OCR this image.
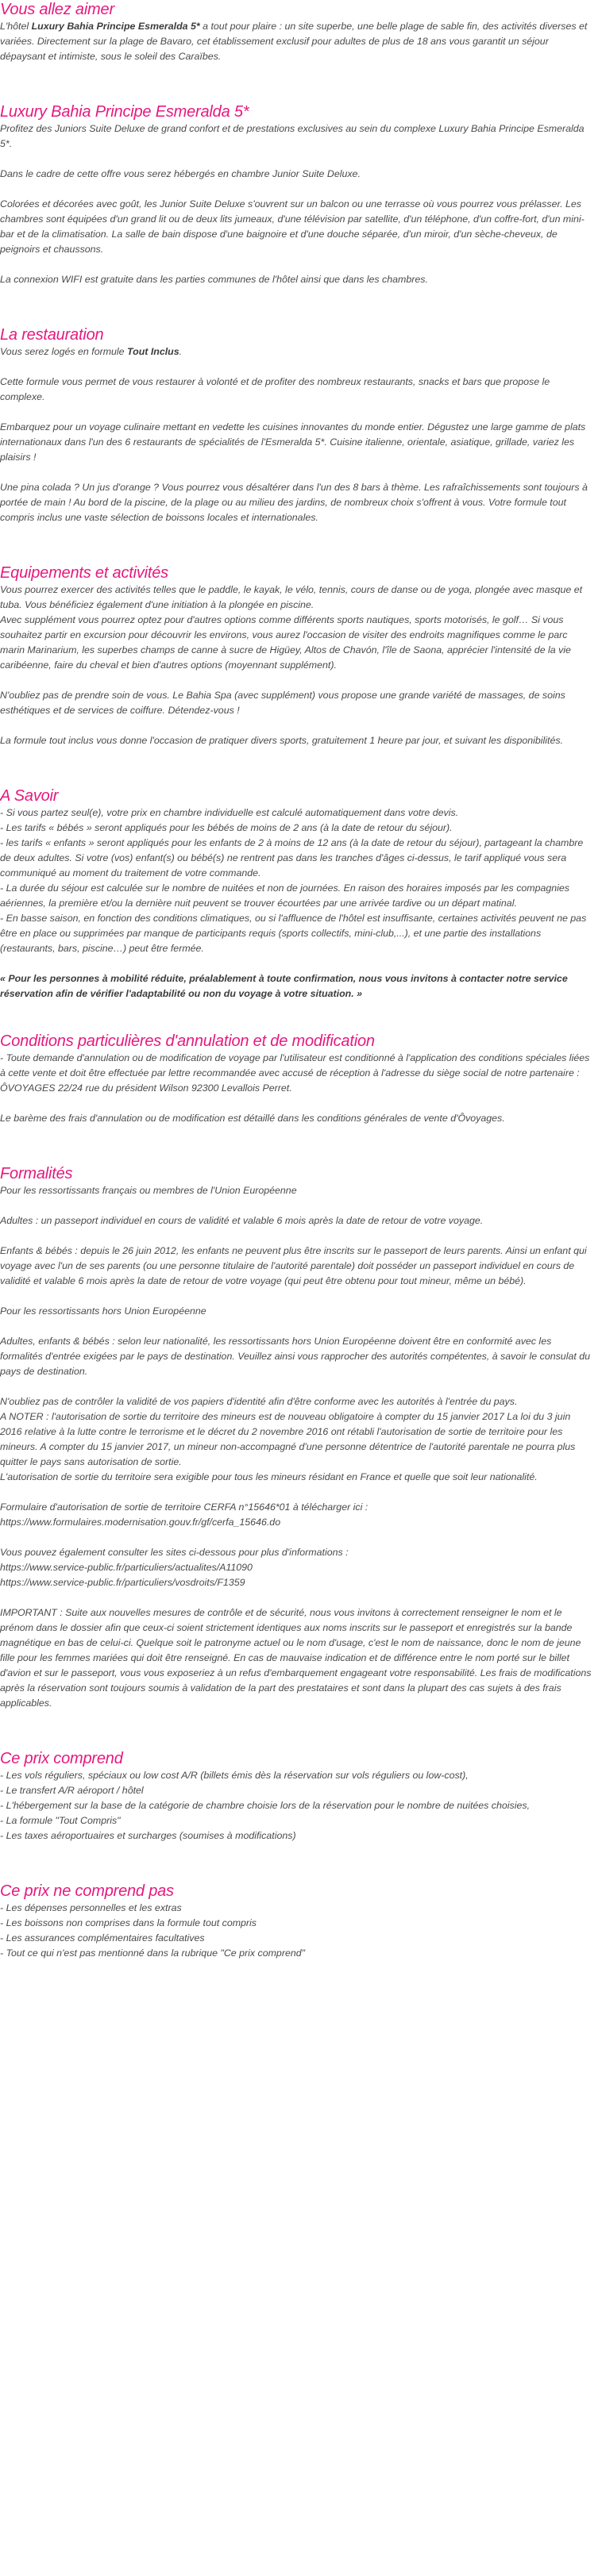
Vous allez aimer

L'hôtel Luxury Bahia Principe Esmeralda 5* a tout pour plaire : un site superbe, une belle plage de sable fin, des activités diverses et variées. Directement sur la plage de Bavaro, cet établissement exclusif pour adultes de plus de 18 ans vous garantit un séjour dépaysant et intimiste, sous le soleil des Caraïbes.

Luxury Bahia Principe Esmeralda 5*

Profitez des Juniors Suite Deluxe de grand confort et de prestations exclusives au sein du complexe Luxury Bahia Principe Esmeralda 5*.

Dans le cadre de cette offre vous serez hébergés en chambre Junior Suite Deluxe.

Colorées et décorées avec goût, les Junior Suite Deluxe s'ouvrent sur un balcon ou une terrasse où vous pourrez vous prélasser. Les chambres sont équipées d'un grand lit ou de deux lits jumeaux, d'une télévision par satellite, d'un téléphone, d'un coffre-fort, d'un mini-bar et de la climatisation. La salle de bain dispose d'une baignoire et d'une douche séparée, d'un miroir, d'un sèche-cheveux, de peignoirs et chaussons.

La connexion WIFI est gratuite dans les parties communes de l'hôtel ainsi que dans les chambres.

La restauration

Vous serez logés en formule Tout Inclus.

Cette formule vous permet de vous restaurer à volonté et de profiter des nombreux restaurants, snacks et bars que propose le complexe.

Embarquez pour un voyage culinaire mettant en vedette les cuisines innovantes du monde entier. Dégustez une large gamme de plats internationaux dans l'un des 6 restaurants de spécialités de l'Esmeralda 5*. Cuisine italienne, orientale, asiatique, grillade, variez les plaisirs !

Une pina colada ? Un jus d'orange ? Vous pourrez vous désaltérer dans l'un des 8 bars à thème. Les rafraîchissements sont toujours à portée de main ! Au bord de la piscine, de la plage ou au milieu des jardins, de nombreux choix s'offrent à vous. Votre formule tout compris inclus une vaste sélection de boissons locales et internationales.

Equipements et activités

Vous pourrez exercer des activités telles que le paddle, le kayak, le vélo, tennis, cours de danse ou de yoga, plongée avec masque et tuba. Vous bénéficiez également d'une initiation à la plongée en piscine.

Avec supplément vous pourrez optez pour d'autres options comme différents sports nautiques, sports motorisés, le golf… Si vous souhaitez partir en excursion pour découvrir les environs, vous aurez l'occasion de visiter des endroits magnifiques comme le parc marin Marinarium, les superbes champs de canne à sucre de Higüey, Altos de Chavón, l'île de Saona, apprécier l'intensité de la vie caribéenne, faire du cheval et bien d'autres options (moyennant supplément).

N'oubliez pas de prendre soin de vous. Le Bahia Spa (avec supplément) vous propose une grande variété de massages, de soins esthétiques et de services de coiffure. Détendez-vous !

La formule tout inclus vous donne l'occasion de pratiquer divers sports, gratuitement 1 heure par jour, et suivant les disponibilités.

A Savoir

- Si vous partez seul(e), votre prix en chambre individuelle est calculé automatiquement dans votre devis.

- Les tarifs « bébés » seront appliqués pour les bébés de moins de 2 ans (à la date de retour du séjour).

- les tarifs « enfants » seront appliqués pour les enfants de 2 à moins de 12 ans (à la date de retour du séjour), partageant la chambre de deux adultes. Si votre (vos) enfant(s) ou bébé(s) ne rentrent pas dans les tranches d'âges ci-dessus, le tarif appliqué vous sera communiqué au moment du traitement de votre commande.

- La durée du séjour est calculée sur le nombre de nuitées et non de journées. En raison des horaires imposés par les compagnies aériennes, la première et/ou la dernière nuit peuvent se trouver écourtées par une arrivée tardive ou un départ matinal.

- En basse saison, en fonction des conditions climatiques, ou si l'affluence de l'hôtel est insuffisante, certaines activités peuvent ne pas être en place ou supprimées par manque de participants requis (sports collectifs, mini-club,...), et une partie des installations (restaurants, bars, piscine…) peut être fermée.

« Pour les personnes à mobilité réduite, préalablement à toute confirmation, nous vous invitons à contacter notre service réservation afin de vérifier l'adaptabilité ou non du voyage à votre situation. »

Conditions particulières d'annulation et de modification

- Toute demande d'annulation ou de modification de voyage par l'utilisateur est conditionné à l'application des conditions spéciales liées à cette vente et doit être effectuée par lettre recommandée avec accusé de réception à l'adresse du siège social de notre partenaire : ÔVOYAGES 22/24 rue du président Wilson 92300 Levallois Perret.

Le barème des frais d'annulation ou de modification est détaillé dans les conditions générales de vente d'Ôvoyages.

Formalités

Pour les ressortissants français ou membres de l'Union Européenne

Adultes : un passeport individuel en cours de validité et valable 6 mois après la date de retour de votre voyage.

Enfants & bébés : depuis le 26 juin 2012, les enfants ne peuvent plus être inscrits sur le passeport de leurs parents. Ainsi un enfant qui voyage avec l'un de ses parents (ou une personne titulaire de l'autorité parentale) doit posséder un passeport individuel en cours de validité et valable 6 mois après la date de retour de votre voyage (qui peut être obtenu pour tout mineur, même un bébé).

Pour les ressortissants hors Union Européenne

Adultes, enfants & bébés : selon leur nationalité, les ressortissants hors Union Européenne doivent être en conformité avec les formalités d'entrée exigées par le pays de destination. Veuillez ainsi vous rapprocher des autorités compétentes, à savoir le consulat du pays de destination.

N'oubliez pas de contrôler la validité de vos papiers d'identité afin d'être conforme avec les autorités à l'entrée du pays.

A NOTER : l'autorisation de sortie du territoire des mineurs est de nouveau obligatoire à compter du 15 janvier 2017 La loi du 3 juin 2016 relative à la lutte contre le terrorisme et le décret du 2 novembre 2016 ont rétabli l'autorisation de sortie de territoire pour les mineurs. A compter du 15 janvier 2017, un mineur non-accompagné d'une personne détentrice de l'autorité parentale ne pourra plus quitter le pays sans autorisation de sortie.

L'autorisation de sortie du territoire sera exigible pour tous les mineurs résidant en France et quelle que soit leur nationalité.

Formulaire d'autorisation de sortie de territoire CERFA n°15646*01 à télécharger ici :

https://www.formulaires.modernisation.gouv.fr/gf/cerfa_15646.do

Vous pouvez également consulter les sites ci-dessous pour plus d'informations :

https://www.service-public.fr/particuliers/actualites/A11090

https://www.service-public.fr/particuliers/vosdroits/F1359

IMPORTANT : Suite aux nouvelles mesures de contrôle et de sécurité, nous vous invitons à correctement renseigner le nom et le prénom dans le dossier afin que ceux-ci soient strictement identiques aux noms inscrits sur le passeport et enregistrés sur la bande magnétique en bas de celui-ci. Quelque soit le patronyme actuel ou le nom d'usage, c'est le nom de naissance, donc le nom de jeune fille pour les femmes mariées qui doit être renseigné. En cas de mauvaise indication et de différence entre le nom porté sur le billet d'avion et sur le passeport, vous vous exposeriez à un refus d'embarquement engageant votre responsabilité. Les frais de modifications après la réservation sont toujours soumis à validation de la part des prestataires et sont dans la plupart des cas sujets à des frais applicables.

Ce prix comprend

- Les vols réguliers, spéciaux ou low cost A/R (billets émis dès la réservation sur vols réguliers ou low-cost),

- Le transfert A/R aéroport / hôtel

- L'hébergement sur la base de la catégorie de chambre choisie lors de la réservation pour le nombre de nuitées choisies,

- La formule "Tout Compris"

- Les taxes aéroportuaires et surcharges (soumises à modifications)

Ce prix ne comprend pas

- Les dépenses personnelles et les extras

- Les boissons non comprises dans la formule tout compris

- Les assurances complémentaires facultatives

- Tout ce qui n'est pas mentionné dans la rubrique "Ce prix comprend"
